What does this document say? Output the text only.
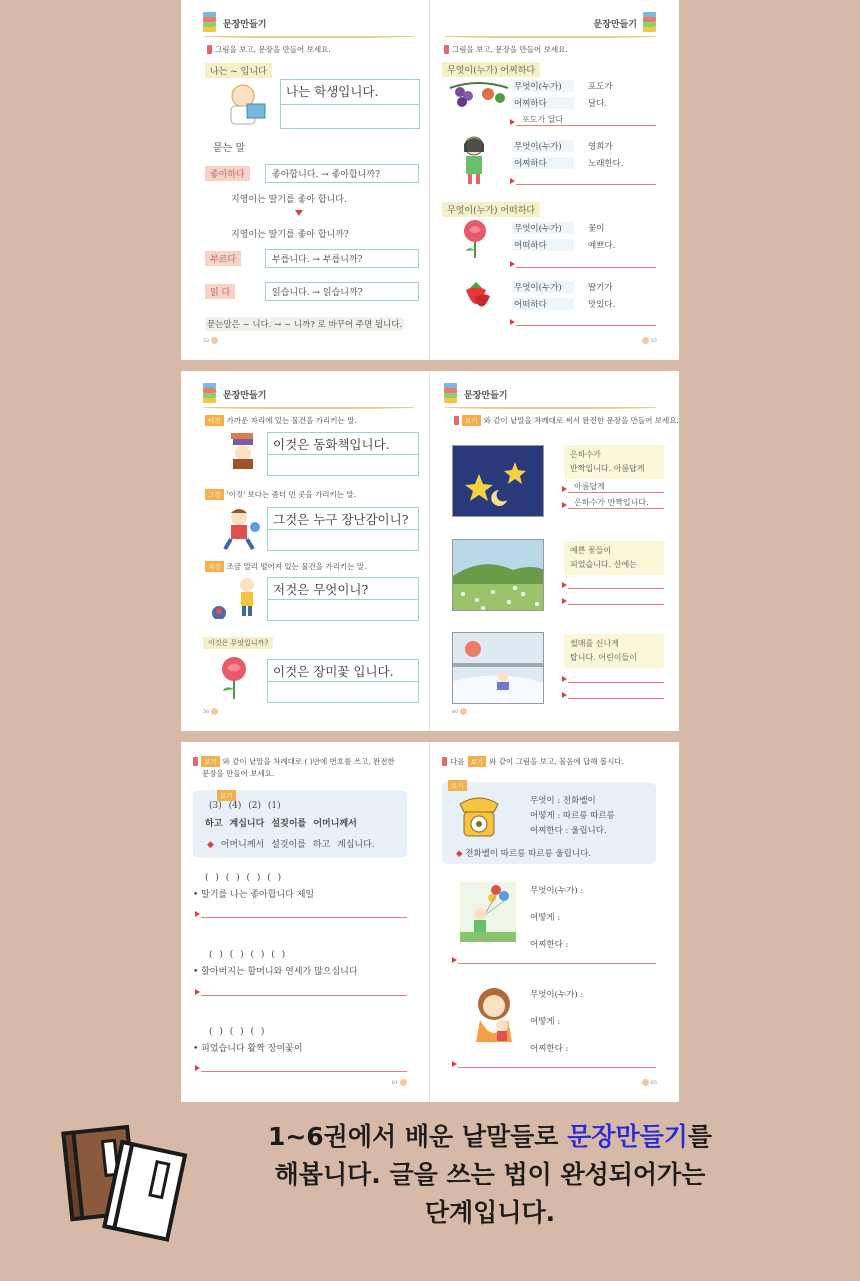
문장만들기
그림을 보고, 문장을 만들어 보세요.
나는 ~ 입니다
나는 학생입니다.
묻는 말
좋아하다	좋아합니다. → 좋아합니까?
지영이는 딸기를 좋아 합니다.
지영이는 딸기를 좋아 합니까?
부르다	부릅니다. → 부릅니까?
읽 다	읽습니다. → 읽습니까?
묻는말은 ~ 니다. → ~ 니까? 로 바꾸어 주면 됩니다.
52
문장만들기
그림을 보고, 문장을 만들어 보세요.
무엇이(누가) 어찌하다
무엇이(누가)	포도가
어찌하다	달다.
포도가 달다
무엇이(누가)	영희가
어찌하다	노래한다.
무엇이(누가) 어떠하다
무엇이(누가)	꽃이
어떠하다	예쁘다.
무엇이(누가)	딸기가
어떠하다	맛있다.
53
문장만들기
이것 가까운 자리에 있는 물건을 가리키는 말.
이것은 동화책입니다.
그것 '이것' 보다는 좀더 먼 곳을 가리키는 말.
그것은 누구 장난감이니?
저것 조금 멀리 떨어져 있는 물건을 가리키는 말.
저것은 무엇이니?
이것은 무엇입니까?
이것은 장미꽃 입니다.
56
문장만들기
보기 와 같이 낱말을 차례대로 써서 완전한 문장을 만들어 보세요.
은하수가
반짝입니다. 아름답게
아름답게
은하수가 반짝입니다.
예쁜 꽃들이
피었습니다. 산에는
썰매를 신나게
탑니다. 어린이들이
60
보기 와 같이 낱말을 차례대로 ( )안에 번호를 쓰고, 완전한
문장을 만들어 보세요.
보기
(3) (4) (2) (1)
하고 계십니다 설겆이를 어머니께서
◆ 어머니께서 설겆이를 하고 계십니다.
( ) ( ) ( ) ( )
• 딸기를 나는 좋아합니다 제일
( ) ( ) ( ) ( )
• 할아버지는 할머니와 연세가 많으십니다
( ) ( ) ( )
• 피었습니다 활짝 장미꽃이
61
다음 보기 와 같이 그림을 보고, 물음에 답해 봅시다.
보기
무엇이 : 전화벨이
어떻게 : 따르릉 따르릉
어찌한다 : 울립니다.
◆ 전화벨이 따르릉 따르릉 울립니다.
무엇이(누가) :
어떻게 :
어찌한다 :
무엇이(누가) :
어떻게 :
어찌한다 :
65
1~6권에서 배운 낱말들로 문장만들기를
해봅니다. 글을 쓰는 법이 완성되어가는
단계입니다.
